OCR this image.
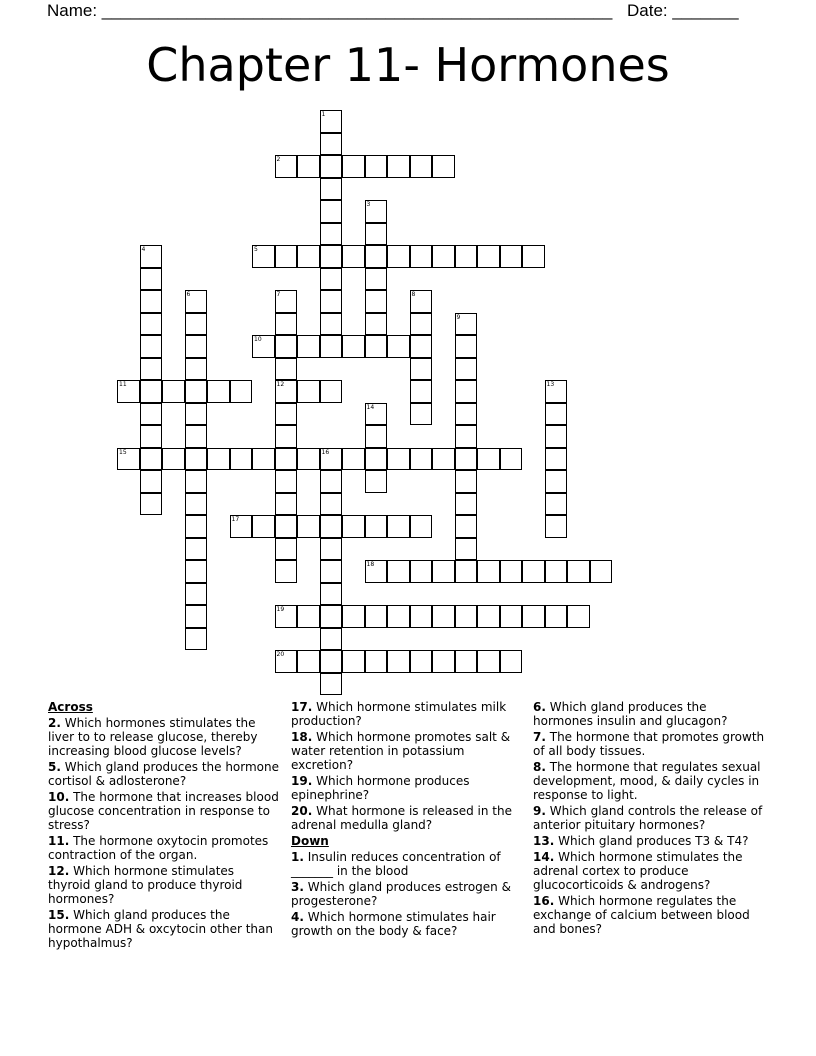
Name: ______________________________________________________ Date: _______
Chapter 11- Hormones
1
2
3
4	5
6	7
12
8
9
10
11	13
14
15	16
17
18
19
20
Across
2. Which hormones stimulates the liver to to release glucose, thereby increasing blood glucose levels?
5. Which gland produces the hormone cortisol & adlosterone?
10. The hormone that increases blood glucose concentration in response to stress?
11. The hormone oxytocin promotes contraction of the organ.
12. Which hormone stimulates thyroid gland to produce thyroid hormones?
15. Which gland produces the hormone ADH & oxcytocin other than hypothalmus?
17. Which hormone stimulates milk production?
18. Which hormone promotes salt & water retention in potassium excretion?
19. Which hormone produces epinephrine?
20. What hormone is released in the adrenal medulla gland?
Down
1. Insulin reduces concentration of _______ in the blood
3. Which gland produces estrogen & progesterone?
4. Which hormone stimulates hair growth on the body & face?
6. Which gland produces the hormones insulin and glucagon?
7. The hormone that promotes growth of all body tissues.
8. The hormone that regulates sexual development, mood, & daily cycles in response to light.
9. Which gland controls the release of anterior pituitary hormones?
13. Which gland produces T3 & T4?
14. Which hormone stimulates the adrenal cortex to produce glucocorticoids & androgens?
16. Which hormone regulates the exchange of calcium between blood and bones?
